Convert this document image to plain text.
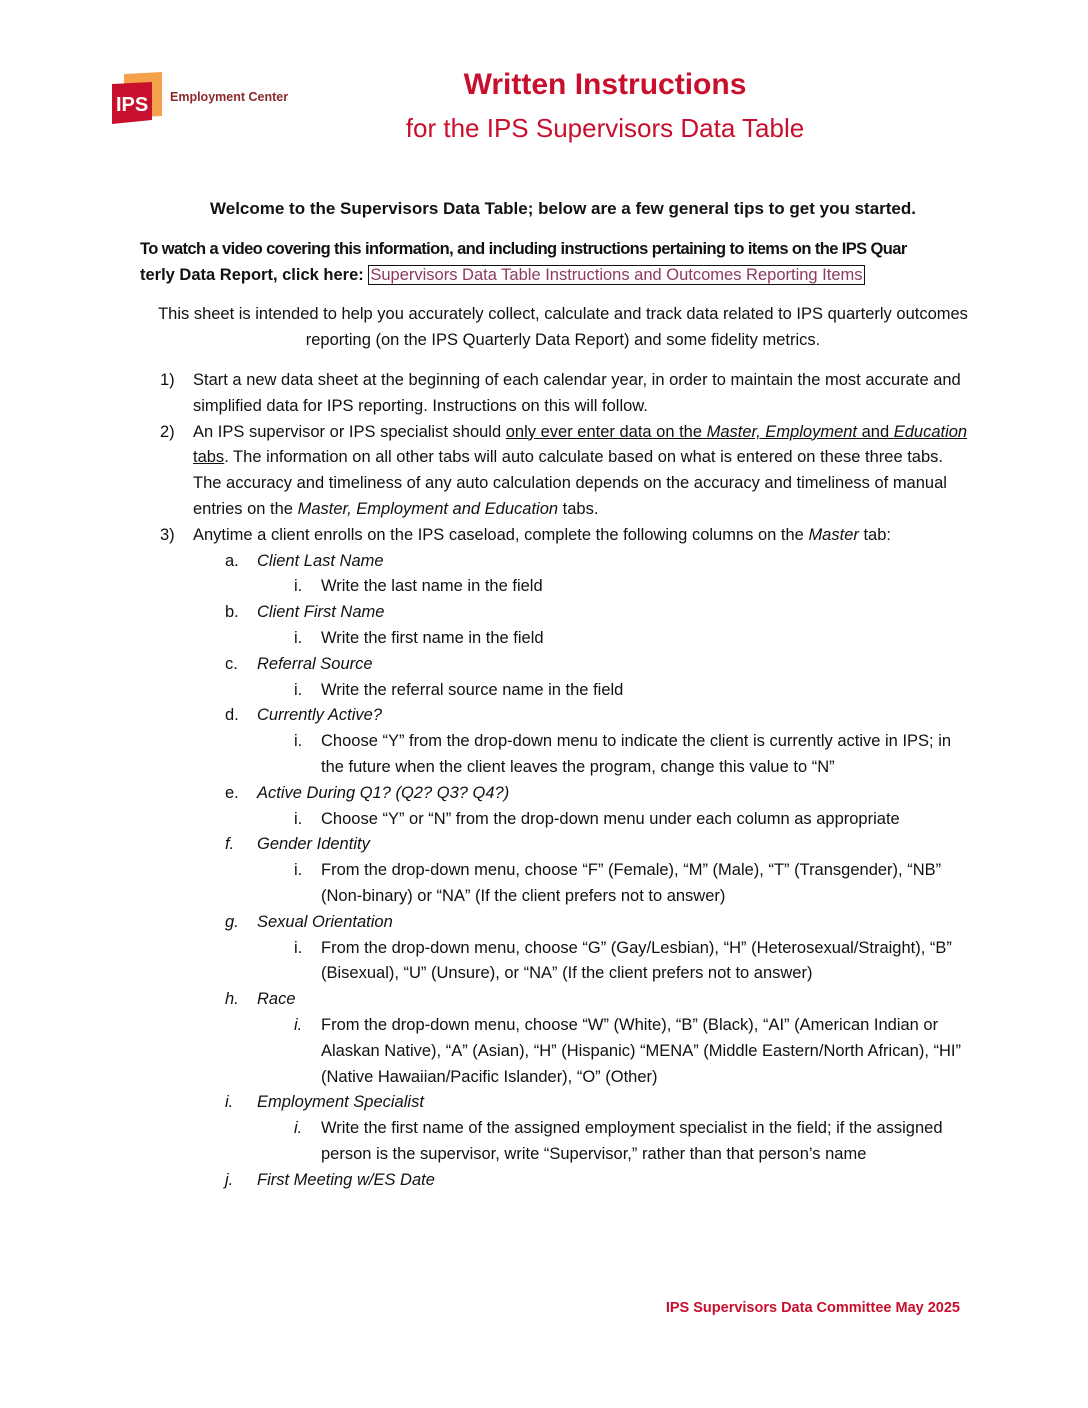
IPS Employment Center	Written Instructions
for the IPS Supervisors Data Table
Welcome to the Supervisors Data Table; below are a few general tips to get you started.
To watch a video covering this information, and including instructions pertaining to items on the IPS Quar
terly Data Report, click here: Supervisors Data Table Instructions and Outcomes Reporting Items
This sheet is intended to help you accurately collect, calculate and track data related to IPS quarterly outcomes reporting (on the IPS Quarterly Data Report) and some fidelity metrics.
1) Start a new data sheet at the beginning of each calendar year, in order to maintain the most accurate and simplified data for IPS reporting. Instructions on this will follow.
2) An IPS supervisor or IPS specialist should only ever enter data on the Master, Employment and Education tabs. The information on all other tabs will auto calculate based on what is entered on these three tabs. The accuracy and timeliness of any auto calculation depends on the accuracy and timeliness of manual entries on the Master, Employment and Education tabs.
3) Anytime a client enrolls on the IPS caseload, complete the following columns on the Master tab:
a. Client Last Name
i. Write the last name in the field
b. Client First Name
i. Write the first name in the field
c. Referral Source
i. Write the referral source name in the field
d. Currently Active?
i. Choose “Y” from the drop-down menu to indicate the client is currently active in IPS; in the future when the client leaves the program, change this value to “N”
e. Active During Q1? (Q2? Q3? Q4?)
i. Choose “Y” or “N” from the drop-down menu under each column as appropriate
f. Gender Identity
i. From the drop-down menu, choose “F” (Female), “M” (Male), “T” (Transgender), “NB” (Non-binary) or “NA” (If the client prefers not to answer)
g. Sexual Orientation
i. From the drop-down menu, choose “G” (Gay/Lesbian), “H” (Heterosexual/Straight), “B” (Bisexual), “U” (Unsure), or “NA” (If the client prefers not to answer)
h. Race
i. From the drop-down menu, choose “W” (White), “B” (Black), “AI” (American Indian or Alaskan Native), “A” (Asian), “H” (Hispanic) “MENA” (Middle Eastern/North African), “HI” (Native Hawaiian/Pacific Islander), “O” (Other)
i. Employment Specialist
i. Write the first name of the assigned employment specialist in the field; if the assigned person is the supervisor, write “Supervisor,” rather than that person’s name
j. First Meeting w/ES Date
IPS Supervisors Data Committee May 2025
